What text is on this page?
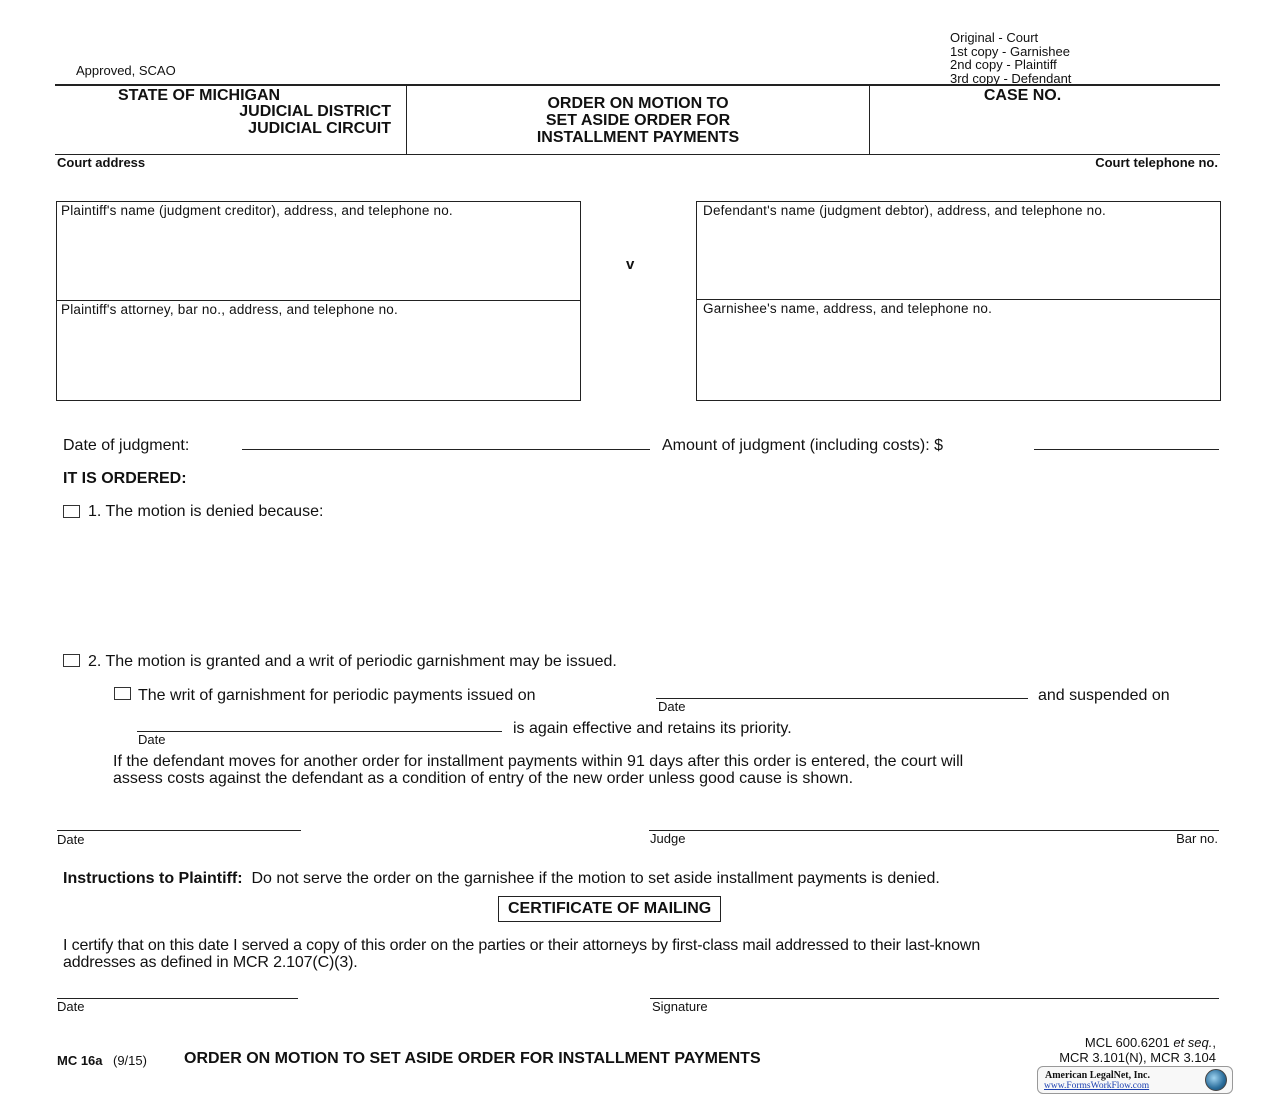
Approved, SCAO
Original - Court
1st copy - Garnishee
2nd copy - Plaintiff
3rd copy - Defendant
STATE OF MICHIGAN
JUDICIAL DISTRICT
JUDICIAL CIRCUIT
ORDER ON MOTION TO
SET ASIDE ORDER FOR
INSTALLMENT PAYMENTS
CASE NO.
Court address	Court telephone no.
Plaintiff's name (judgment creditor), address, and telephone no.
Plaintiff's attorney, bar no., address, and telephone no.
v
Defendant's name (judgment debtor), address, and telephone no.
Garnishee's name, address, and telephone no.
Date of judgment:	Amount of judgment (including costs): $
IT IS ORDERED:
1. The motion is denied because:
2. The motion is granted and a writ of periodic garnishment may be issued.
The writ of garnishment for periodic payments issued on
Date
and suspended on
Date
is again effective and retains its priority.
If the defendant moves for another order for installment payments within 91 days after this order is entered, the court will
assess costs against the defendant as a condition of entry of the new order unless good cause is shown.
Date	Judge	Bar no.
Instructions to Plaintiff: Do not serve the order on the garnishee if the motion to set aside installment payments is denied.
CERTIFICATE OF MAILING
I certify that on this date I served a copy of this order on the parties or their attorneys by first-class mail addressed to their last-known
addresses as defined in MCR 2.107(C)(3).
Date	Signature
MC 16a (9/15) ORDER ON MOTION TO SET ASIDE ORDER FOR INSTALLMENT PAYMENTS
MCL 600.6201 et seq.,
MCR 3.101(N), MCR 3.104
American LegalNet, Inc.
www.FormsWorkFlow.com
